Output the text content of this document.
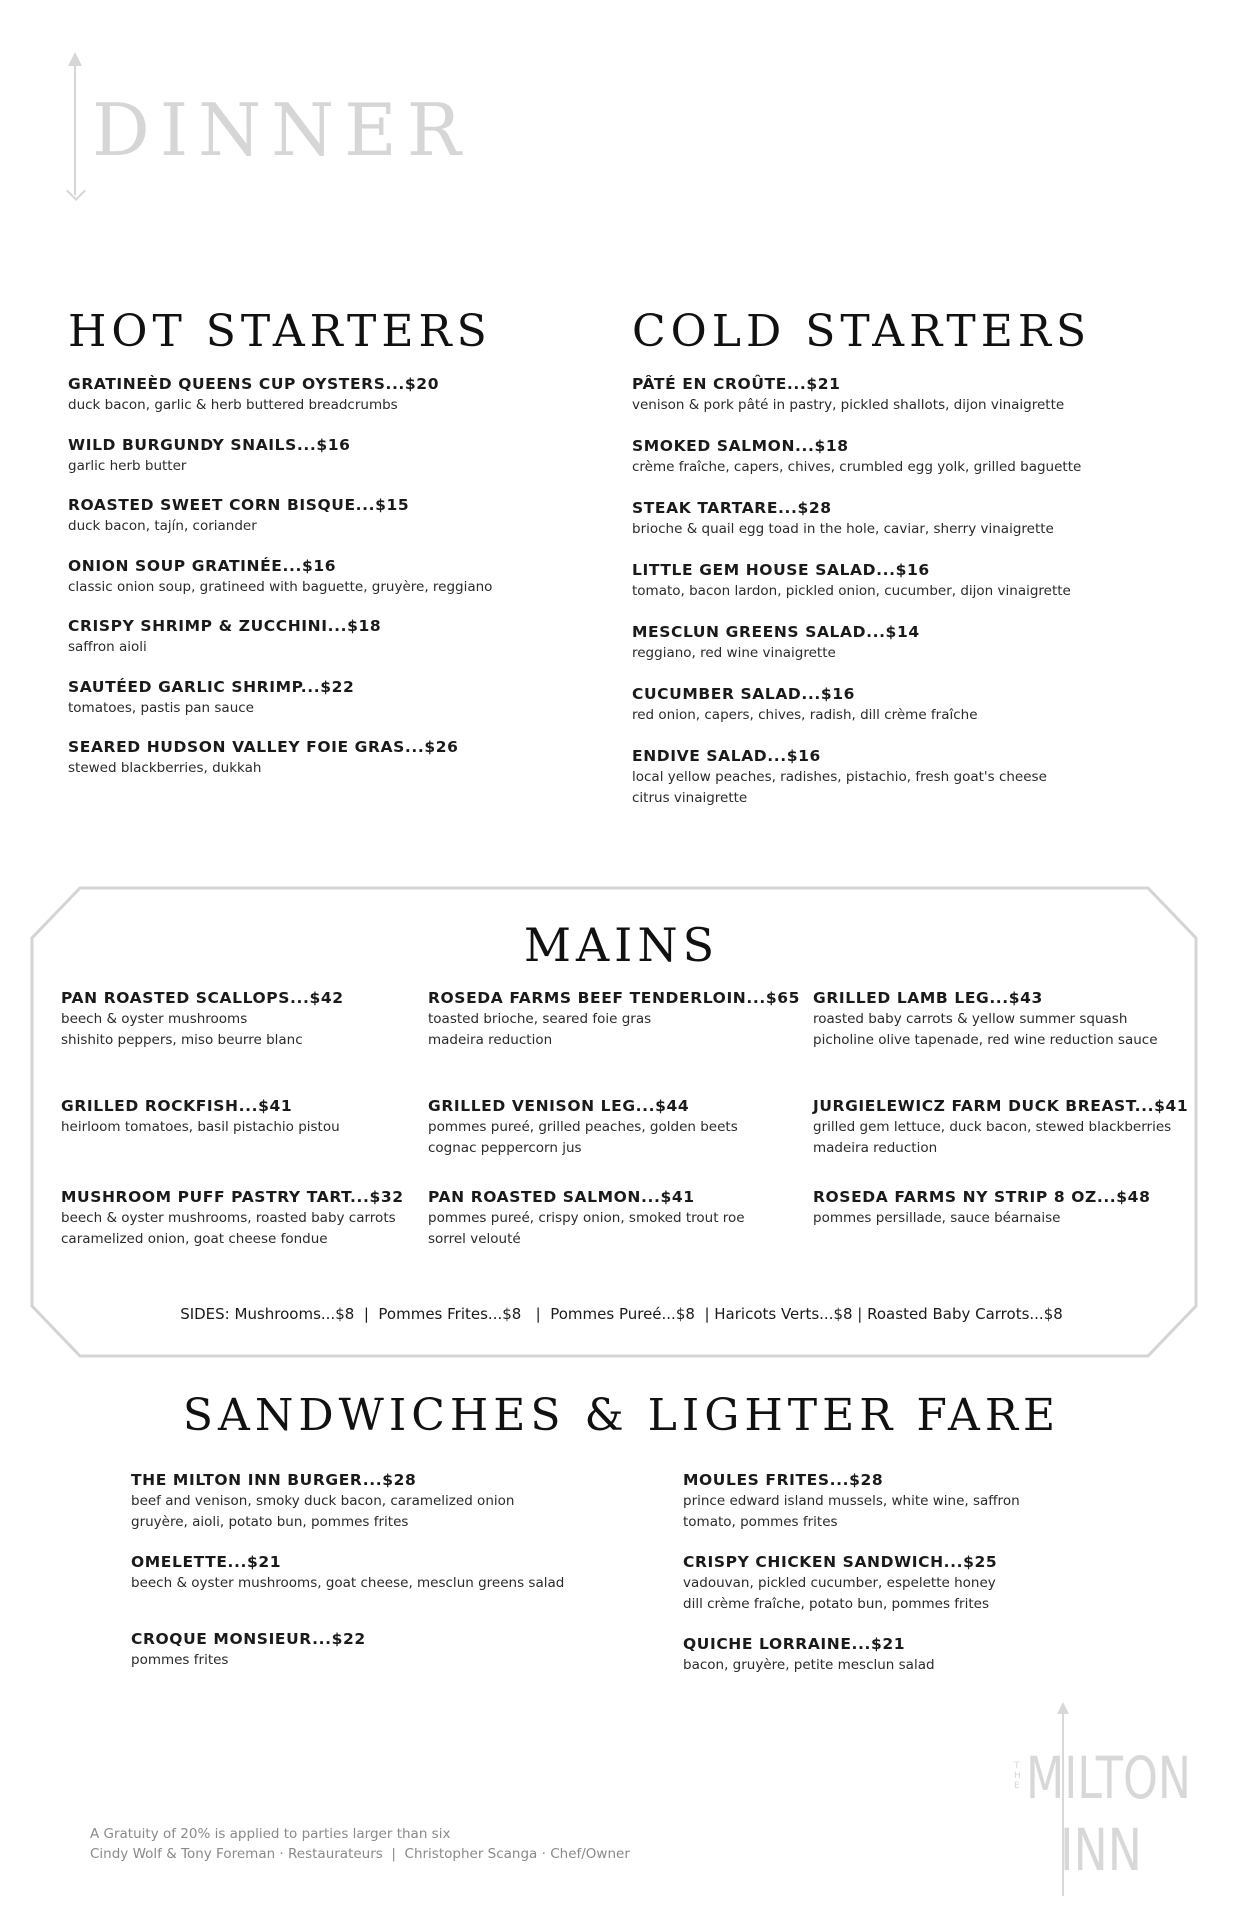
DINNER
HOT STARTERS	COLD STARTERS
GRATINEÈD QUEENS CUP OYSTERS...$20
duck bacon, garlic & herb buttered breadcrumbs
WILD BURGUNDY SNAILS...$16
garlic herb butter
ROASTED SWEET CORN BISQUE...$15
duck bacon, tajín, coriander
ONION SOUP GRATINÉE...$16
classic onion soup, gratineed with baguette, gruyère, reggiano
CRISPY SHRIMP & ZUCCHINI...$18
saffron aioli
SAUTÉED GARLIC SHRIMP...$22
tomatoes, pastis pan sauce
SEARED HUDSON VALLEY FOIE GRAS...$26
stewed blackberries, dukkah
PÂTÉ EN CROÛTE...$21
venison & pork pâté in pastry, pickled shallots, dijon vinaigrette
SMOKED SALMON...$18
crème fraîche, capers, chives, crumbled egg yolk, grilled baguette
STEAK TARTARE...$28
brioche & quail egg toad in the hole, caviar, sherry vinaigrette
LITTLE GEM HOUSE SALAD...$16
tomato, bacon lardon, pickled onion, cucumber, dijon vinaigrette
MESCLUN GREENS SALAD...$14
reggiano, red wine vinaigrette
CUCUMBER SALAD...$16
red onion, capers, chives, radish, dill crème fraîche
ENDIVE SALAD...$16
local yellow peaches, radishes, pistachio, fresh goat's cheese
citrus vinaigrette
MAINS
PAN ROASTED SCALLOPS...$42
beech & oyster mushrooms
shishito peppers, miso beurre blanc
GRILLED ROCKFISH...$41
heirloom tomatoes, basil pistachio pistou
MUSHROOM PUFF PASTRY TART...$32
beech & oyster mushrooms, roasted baby carrots
caramelized onion, goat cheese fondue
ROSEDA FARMS BEEF TENDERLOIN...$65
toasted brioche, seared foie gras
madeira reduction
GRILLED VENISON LEG...$44
pommes pureé, grilled peaches, golden beets
cognac peppercorn jus
PAN ROASTED SALMON...$41
pommes pureé, crispy onion, smoked trout roe
sorrel velouté
GRILLED LAMB LEG...$43
roasted baby carrots & yellow summer squash
picholine olive tapenade, red wine reduction sauce
JURGIELEWICZ FARM DUCK BREAST...$41
grilled gem lettuce, duck bacon, stewed blackberries
madeira reduction
ROSEDA FARMS NY STRIP 8 OZ...$48
pommes persillade, sauce béarnaise
SIDES: Mushrooms...$8  |  Pommes Frites...$8   |  Pommes Pureé...$8  | Haricots Verts...$8 | Roasted Baby Carrots...$8
SANDWICHES & LIGHTER FARE
THE MILTON INN BURGER...$28
beef and venison, smoky duck bacon, caramelized onion
gruyère, aioli, potato bun, pommes frites
OMELETTE...$21
beech & oyster mushrooms, goat cheese, mesclun greens salad
CROQUE MONSIEUR...$22
pommes frites
MOULES FRITES...$28
prince edward island mussels, white wine, saffron
tomato, pommes frites
CRISPY CHICKEN SANDWICH...$25
vadouvan, pickled cucumber, espelette honey
dill crème fraîche, potato bun, pommes frites
QUICHE LORRAINE...$21
bacon, gruyère, petite mesclun salad
A Gratuity of 20% is applied to parties larger than six
Cindy Wolf & Tony Foreman · Restaurateurs  |  Christopher Scanga · Chef/Owner
T
H
E MILTON
INN
